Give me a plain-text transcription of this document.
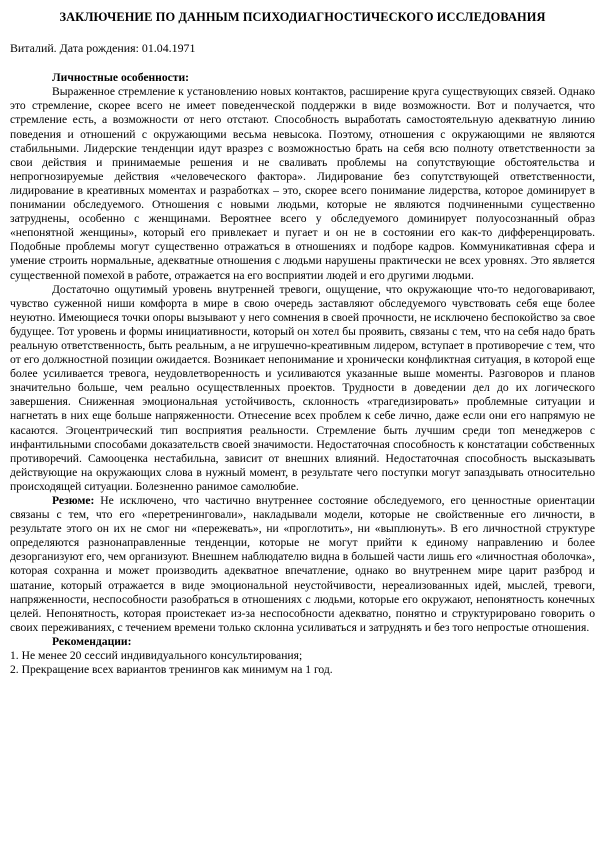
ЗАКЛЮЧЕНИЕ ПО ДАННЫМ ПСИХОДИАГНОСТИЧЕСКОГО ИССЛЕДОВАНИЯ
Виталий. Дата рождения: 01.04.1971
Личностные особенности:

Выраженное стремление к установлению новых контактов, расширение круга существующих связей. Однако это стремление, скорее всего не имеет поведенческой поддержки в виде возможности. Вот и получается, что стремление есть, а возможности от него отстают. Способность выработать самостоятельную адекватную линию поведения и отношений с окружающими весьма невысока. Поэтому, отношения с окружающими не являются стабильными. Лидерские тенденции идут вразрез с возможностью брать на себя всю полноту ответственности за свои действия и принимаемые решения и не сваливать проблемы на сопутствующие обстоятельства и непрогнозируемые действия «человеческого фактора». Лидирование без сопутствующей ответственности, лидирование в креативных моментах и разработках – это, скорее всего понимание лидерства, которое доминирует в понимании обследуемого. Отношения с новыми людьми, которые не являются подчиненными существенно затруднены, особенно с женщинами. Вероятнее всего у обследуемого доминирует полуосознанный образ «непонятной женщины», который его привлекает и пугает и он не в состоянии его как-то дифференцировать. Подобные проблемы могут существенно отражаться в отношениях и подборе кадров. Коммуникативная сфера и умение строить нормальные, адекватные отношения с людьми нарушены практически не всех уровнях. Это является существенной помехой в работе, отражается на его восприятии людей и его другими людьми.

Достаточно ощутимый уровень внутренней тревоги, ощущение, что окружающие что-то недоговаривают, чувство суженной ниши комфорта в мире в свою очередь заставляют обследуемого чувствовать себя еще более неуютно. Имеющиеся точки опоры вызывают у него сомнения в своей прочности, не исключено беспокойство за свое будущее. Тот уровень и формы инициативности, который он хотел бы проявить, связаны с тем, что на себя надо брать реальную ответственность, быть реальным, а не игрушечно-креативным лидером, вступает в противоречие с тем, что от его должностной позиции ожидается. Возникает непонимание и хронически конфликтная ситуация, в которой еще более усиливается тревога, неудовлетворенность и усиливаются указанные выше моменты. Разговоров и планов значительно больше, чем реально осуществленных проектов. Трудности в доведении дел до их логического завершения. Сниженная эмоциональная устойчивость, склонность «трагедизировать» проблемные ситуации и нагнетать в них еще больше напряженности. Отнесение всех проблем к себе лично, даже если они его напрямую не касаются. Эгоцентрический тип восприятия реальности. Стремление быть лучшим среди топ менеджеров с инфантильными способами доказательств своей значимости. Недостаточная способность к констатации собственных противоречий. Самооценка нестабильна, зависит от внешних влияний. Недостаточная способность высказывать действующие на окружающих слова в нужный момент, в результате чего поступки могут запаздывать относительно происходящей ситуации. Болезненно ранимое самолюбие.

Резюме: Не исключено, что частично внутреннее состояние обследуемого, его ценностные ориентации связаны с тем, что его «перетренинговали», накладывали модели, которые не свойственные его личности, в результате этого он их не смог ни «пережевать», ни «проглотить», ни «выплюнуть». В его личностной структуре определяются разнонаправленные тенденции, которые не могут прийти к единому направлению и более дезорганизуют его, чем организуют. Внешнем наблюдателю видна в большей части лишь его «личностная оболочка», которая сохранна и может производить адекватное впечатление, однако во внутреннем мире царит разброд и шатание, который отражается в виде эмоциональной неустойчивости, нереализованных идей, мыслей, тревоги, напряженности, неспособности разобраться в отношениях с людьми, которые его окружают, непонятность конечных целей. Непонятность, которая проистекает из-за неспособности адекватно, понятно и структурировано говорить о своих переживаниях, с течением времени только склонна усиливаться и затруднять и без того непростые отношения.

Рекомендации:
1. Не менее 20 сессий индивидуального консультирования;
2. Прекращение всех вариантов тренингов как минимум на 1 год.
